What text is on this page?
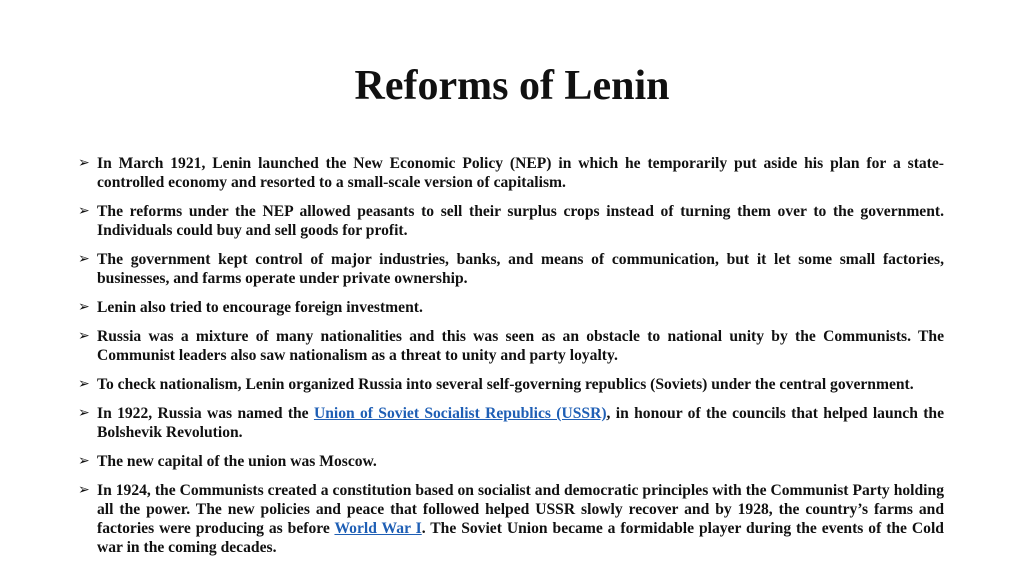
Reforms of Lenin
➢ In March 1921, Lenin launched the New Economic Policy (NEP) in which he temporarily put aside his plan for a state-controlled economy and resorted to a small-scale version of capitalism.
➢ The reforms under the NEP allowed peasants to sell their surplus crops instead of turning them over to the government. Individuals could buy and sell goods for profit.
➢ The government kept control of major industries, banks, and means of communication, but it let some small factories, businesses, and farms operate under private ownership.
➢ Lenin also tried to encourage foreign investment.
➢ Russia was a mixture of many nationalities and this was seen as an obstacle to national unity by the Communists. The Communist leaders also saw nationalism as a threat to unity and party loyalty.
➢ To check nationalism, Lenin organized Russia into several self-governing republics (Soviets) under the central government.
➢ In 1922, Russia was named the Union of Soviet Socialist Republics (USSR), in honour of the councils that helped launch the Bolshevik Revolution.
➢ The new capital of the union was Moscow.
➢ In 1924, the Communists created a constitution based on socialist and democratic principles with the Communist Party holding all the power. The new policies and peace that followed helped USSR slowly recover and by 1928, the country’s farms and factories were producing as before World War I. The Soviet Union became a formidable player during the events of the Cold war in the coming decades.
